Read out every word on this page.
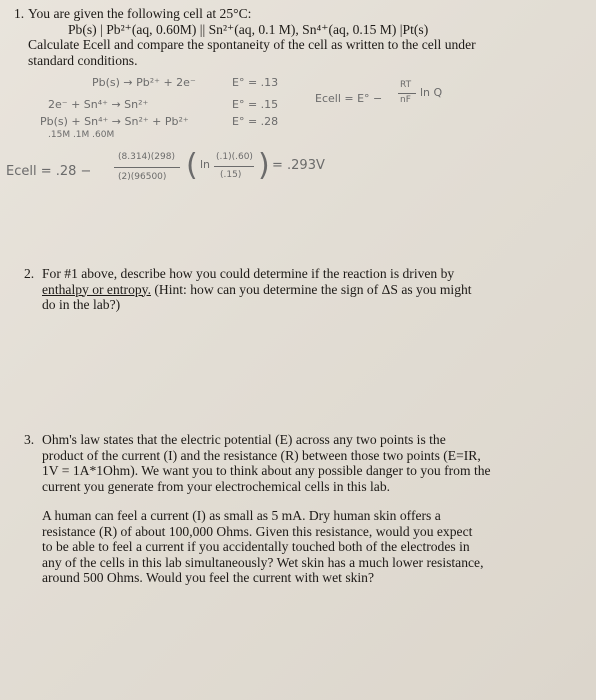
1. You are given the following cell at 25°C:
Pb(s) | Pb²⁺(aq, 0.60M) || Sn²⁺(aq, 0.1 M), Sn⁴⁺(aq, 0.15 M) |Pt(s)
Calculate Ecell and compare the spontaneity of the cell as written to the cell under
standard conditions.
Pb(s) → Pb²⁺ + 2e⁻	E° = .13
2e⁻ + Sn⁴⁺ → Sn²⁺	E° = .15
Pb(s) + Sn⁴⁺ → Sn²⁺ + Pb²⁺	E° = .28
.15M .1M .60M
Ecell = E° −
RT
nF
ln Q
Ecell = .28 −
(8.314)(298)
(2)(96500) ( ln
(.1)(.60)
(.15) ) = .293V
2. For #1 above, describe how you could determine if the reaction is driven by
enthalpy or entropy. (Hint: how can you determine the sign of ΔS as you might
do in the lab?)
3. Ohm's law states that the electric potential (E) across any two points is the
product of the current (I) and the resistance (R) between those two points (E=IR,
1V = 1A*1Ohm). We want you to think about any possible danger to you from the
current you generate from your electrochemical cells in this lab.
A human can feel a current (I) as small as 5 mA. Dry human skin offers a
resistance (R) of about 100,000 Ohms. Given this resistance, would you expect
to be able to feel a current if you accidentally touched both of the electrodes in
any of the cells in this lab simultaneously? Wet skin has a much lower resistance,
around 500 Ohms. Would you feel the current with wet skin?
